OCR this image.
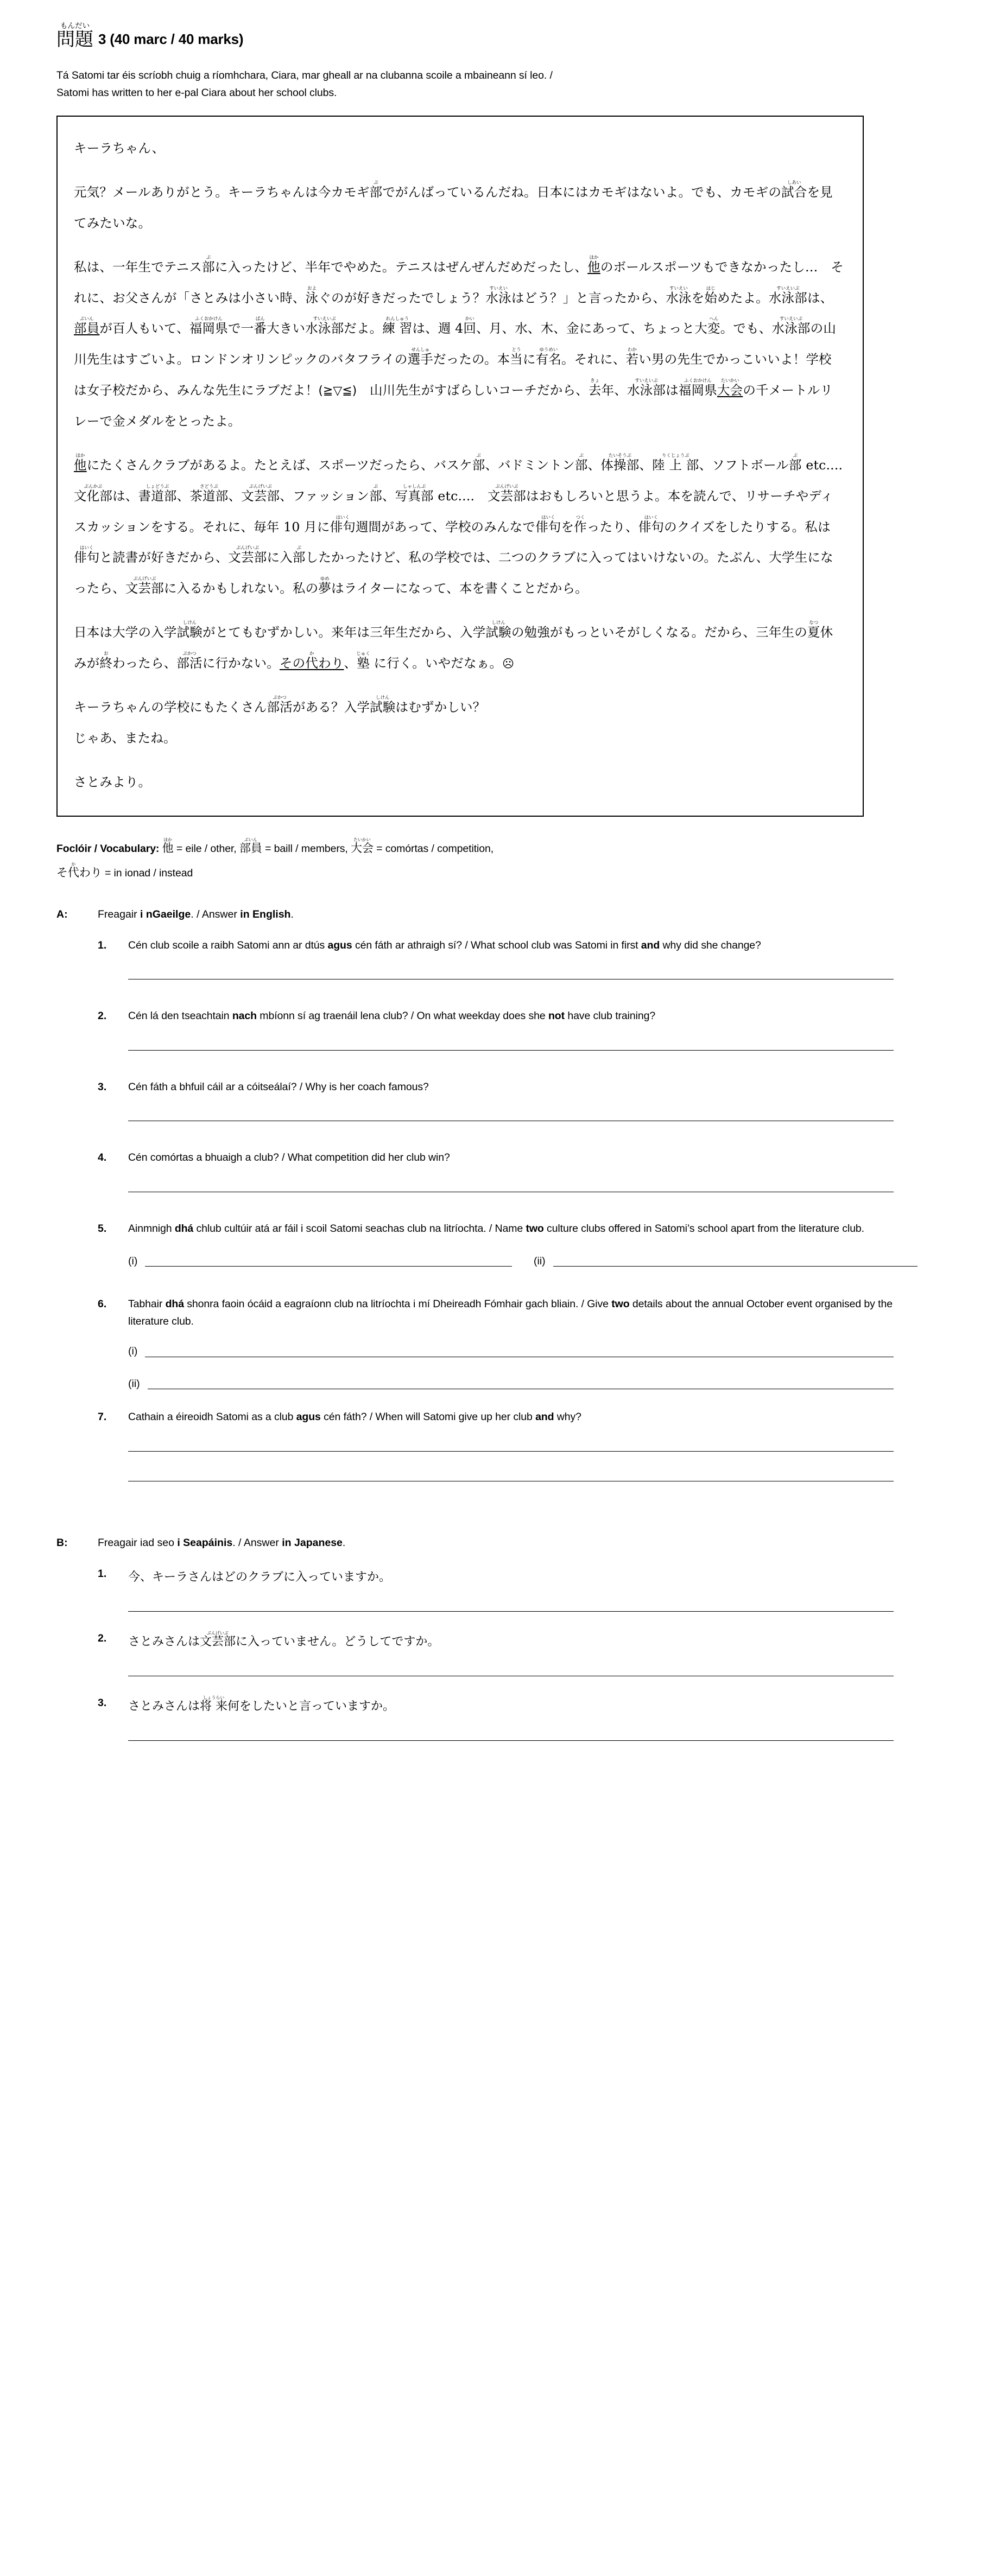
問題もんだい
3 (40 marc / 40 marks)
Tá Satomi tar éis scríobh chuig a ríomhchara, Ciara, mar gheall ar na clubanna scoile a mbaineann sí leo. /
Satomi has written to her e-pal Ciara about her school clubs.

キーラちゃん、

元気？メールありがとう。キーラちゃんは今カモギ部ぶでがんばっているんだね。日本にはカモギはないよ。でも、カモギの試合しあいを見てみたいな。

私は、一年生でテニス部ぶに入ったけど、半年でやめた。テニスはぜんぜんだめだったし、他ほかのボールスポーツもできなかったし…　それに、お父さんが「さとみは小さい時、泳およぐのが好きだったでしょう？水泳すいえいはどう？」と言ったから、水泳すいえいを始はじめたよ。水泳部すいえいぶは、部員ぶいんが百人もいて、福岡県ふくおかけんで一番ばん大きい水泳部すいえいぶだよ。練 習れんしゅうは、週 4回かい、月、水、木、金にあって、ちょっと大変へん。でも、水泳部すいえいぶの山川先生はすごいよ。ロンドンオリンピックのバタフライの選手せんしゅだったの。本当とうに有名ゆうめい。それに、若わかい男の先生でかっこいいよ！学校は女子校だから、みんな先生にラブだよ！(≧▽≦)　山川先生がすばらしいコーチだから、去きょ年、水泳部すいえいぶは福岡県ふくおかけん大会たいかいの千メートルリレーで金メダルをとったよ。

他ほかにたくさんクラブがあるよ。たとえば、スポーツだったら、バスケ部ぶ、バドミントン部ぶ、体操部たいそうぶ、陸 上 部りくじょうぶ、ソフトボール部ぶ etc....　文化部ぶんかぶは、書道部しょどうぶ、茶道部さどうぶ、文芸部ぶんげいぶ、ファッション部ぶ、写真部しゃしんぶ etc....　文芸部ぶんげいぶはおもしろいと思うよ。本を読んで、リサーチやディスカッションをする。それに、毎年 10 月に俳句はいく週間があって、学校のみんなで俳句はいくを作つくったり、俳句はいくのクイズをしたりする。私は俳句はいくと読書が好きだから、文芸部ぶんげいぶに入部ぶしたかったけど、私の学校では、二つのクラブに入ってはいけないの。たぶん、大学生になったら、文芸部ぶんげいぶに入るかもしれない。私の夢ゆめはライターになって、本を書くことだから。

日本は大学の入学試験しけんがとてもむずかしい。来年は三年生だから、入学試験しけんの勉強がもっといそがしくなる。だから、三年生の夏なつ休みが終おわったら、部活ぶかつに行かない。その代わりか、塾じゅく に行く。いやだなぁ。☹

キーラちゃんの学校にもたくさん部活ぶかつがある？入学試験しけんはむずかしい？
じゃあ、またね。

さとみより。

Foclóir / Vocabulary: 他ほか = eile / other, 部員ぶいん = baill / members, 大会たいかい = comórtas / competition,
そ代かわり = in ionad / instead
A:	Freagair i nGaeilge. / Answer in English.
1.	Cén club scoile a raibh Satomi ann ar dtús agus cén fáth ar athraigh sí? / What school club was Satomi in first and why did she change?
2.	Cén lá den tseachtain nach mbíonn sí ag traenáil lena club? / On what weekday does she not have club training?
3.	Cén fáth a bhfuil cáil ar a cóitseálaí? / Why is her coach famous?
4.	Cén comórtas a bhuaigh a club? / What competition did her club win?
5.	Ainmnigh dhá chlub cultúir atá ar fáil i scoil Satomi seachas club na litríochta. / Name two culture clubs offered in Satomi’s school apart from the literature club.
(i)	(ii)
6.	Tabhair dhá shonra faoin ócáid a eagraíonn club na litríochta i mí Dheireadh Fómhair gach bliain. / Give two details about the annual October event organised by the literature club.
(i)
(ii)
7.	Cathain a éireoidh Satomi as a club agus cén fáth? / When will Satomi give up her club and why?
B:	Freagair iad seo i Seapáinis. / Answer in Japanese.
1.	今、キーラさんはどのクラブに入っていますか。
2.	さとみさんは文芸部ぶんげいぶに入っていません。どうしてですか。
3.	さとみさんは将 来しょうらい何をしたいと言っていますか。
